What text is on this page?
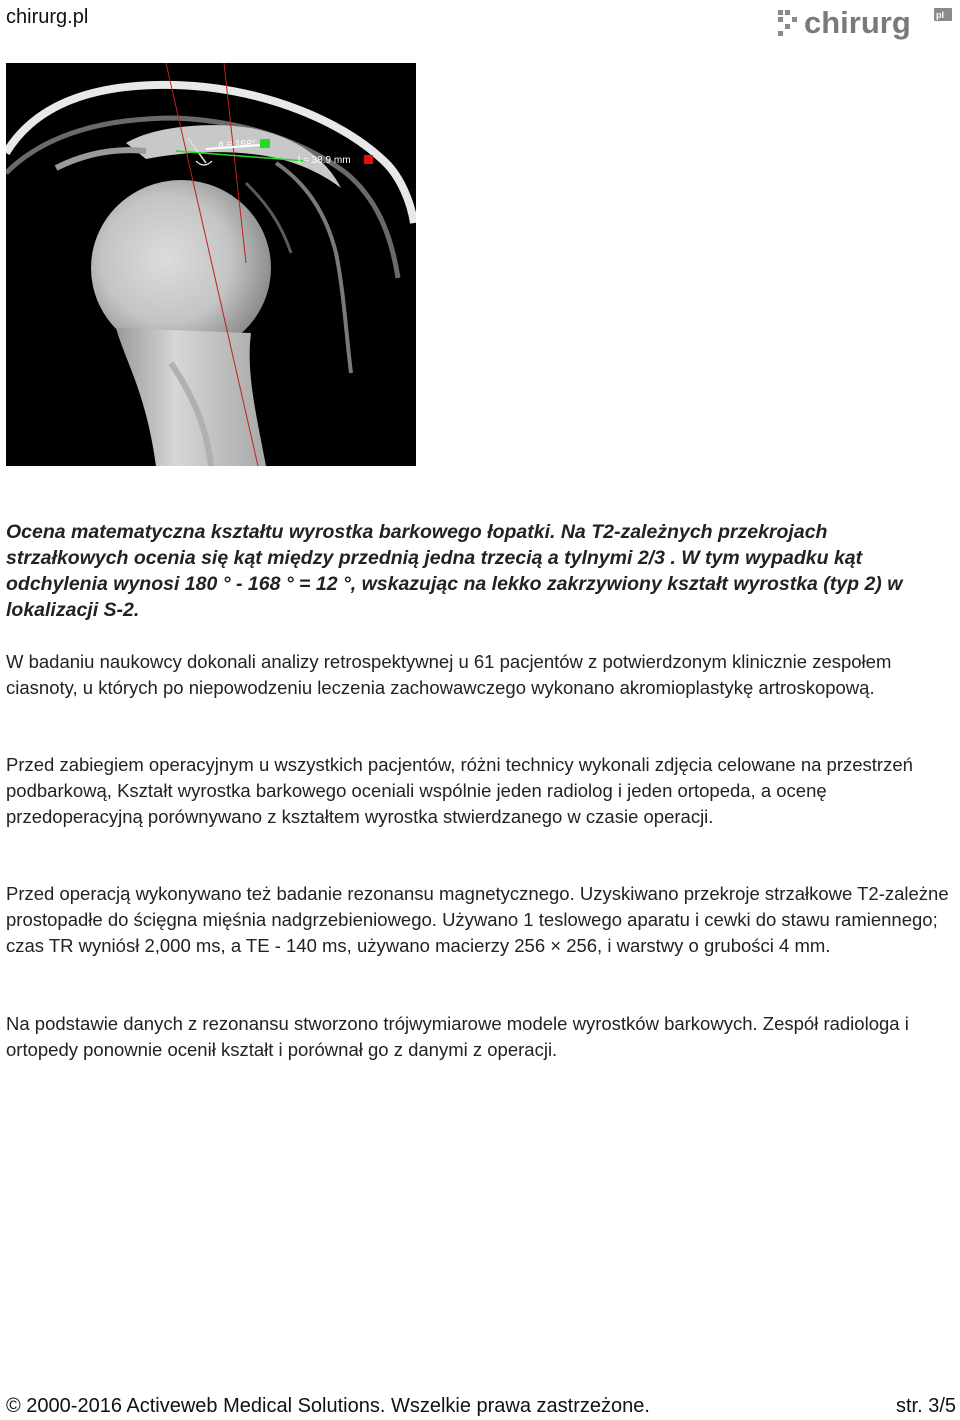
chirurg.pl	chirurg	pl
a = 168°
l = 38.9 mm

Ocena matematyczna kształtu wyrostka barkowego łopatki. Na T2-zależnych przekrojach strzałkowych ocenia się kąt między przednią jedna trzecią a tylnymi 2/3 . W tym wypadku kąt odchylenia wynosi 180 ° - 168 ° = 12 °, wskazując na lekko zakrzywiony kształt wyrostka (typ 2) w lokalizacji S-2.

W badaniu naukowcy dokonali analizy retrospektywnej u 61 pacjentów z potwierdzonym klinicznie zespołem ciasnoty, u których po niepowodzeniu leczenia zachowawczego wykonano akromioplastykę artroskopową.

Przed zabiegiem operacyjnym u wszystkich pacjentów, różni technicy wykonali zdjęcia celowane na przestrzeń podbarkową, Kształt wyrostka barkowego oceniali wspólnie jeden radiolog i jeden ortopeda, a ocenę przedoperacyjną porównywano z kształtem wyrostka stwierdzanego w czasie operacji.

Przed operacją wykonywano też badanie rezonansu magnetycznego. Uzyskiwano przekroje strzałkowe T2-zależne prostopadłe do ścięgna mięśnia nadgrzebieniowego. Używano 1 teslowego aparatu i cewki do stawu ramiennego; czas TR wyniósł 2,000 ms, a TE - 140 ms, używano macierzy 256 × 256, i warstwy o grubości 4 mm.

Na podstawie danych z rezonansu stworzono trójwymiarowe modele wyrostków barkowych. Zespół radiologa i ortopedy ponownie ocenił kształt i porównał go z danymi z operacji.

© 2000-2016 Activeweb Medical Solutions. Wszelkie prawa zastrzeżone.	str. 3/5
